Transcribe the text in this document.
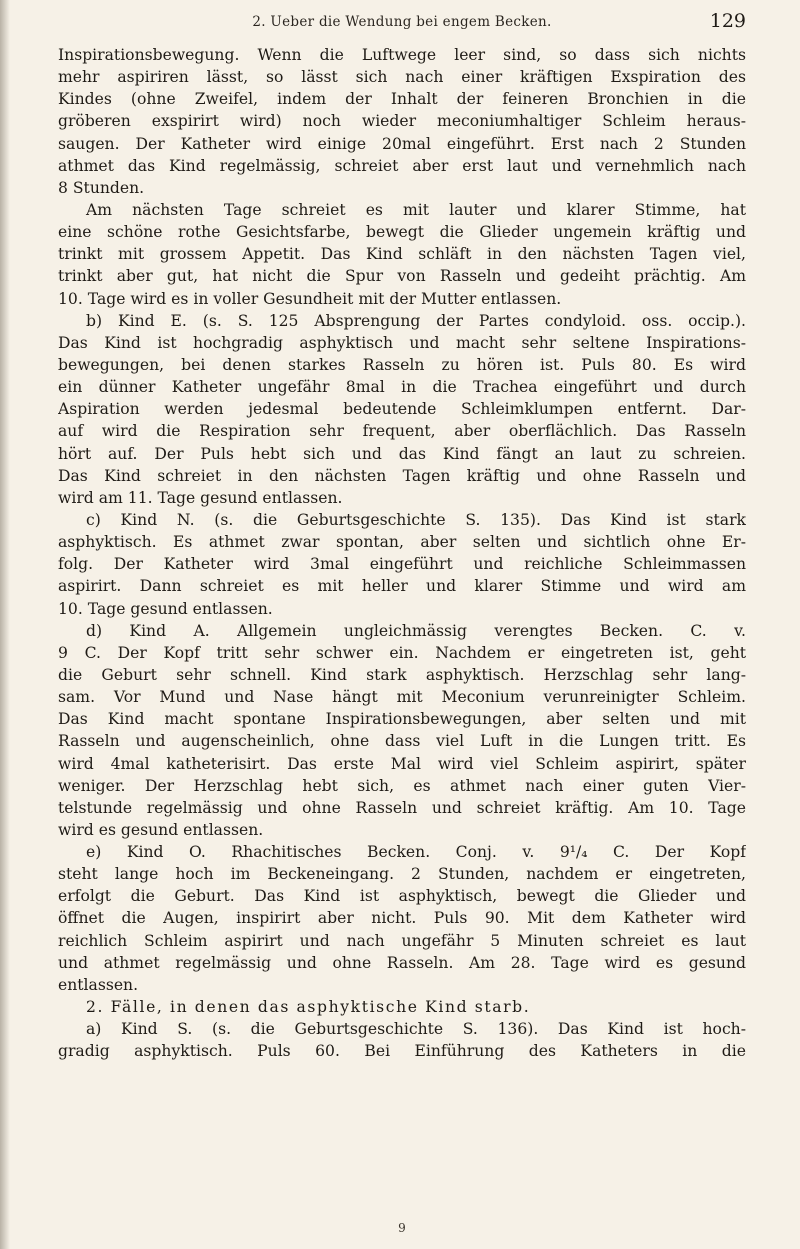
2. Ueber die Wendung bei engem Becken.	129
Inspirationsbewegung. Wenn die Luftwege leer sind, so dass sich nichts
mehr aspiriren lässt, so lässt sich nach einer kräftigen Exspiration des
Kindes (ohne Zweifel, indem der Inhalt der feineren Bronchien in die
gröberen exspirirt wird) noch wieder meconiumhaltiger Schleim heraus-
saugen. Der Katheter wird einige 20mal eingeführt. Erst nach 2 Stunden
athmet das Kind regelmässig, schreiet aber erst laut und vernehmlich nach
8 Stunden.
Am nächsten Tage schreiet es mit lauter und klarer Stimme, hat
eine schöne rothe Gesichtsfarbe, bewegt die Glieder ungemein kräftig und
trinkt mit grossem Appetit. Das Kind schläft in den nächsten Tagen viel,
trinkt aber gut, hat nicht die Spur von Rasseln und gedeiht prächtig. Am
10. Tage wird es in voller Gesundheit mit der Mutter entlassen.
b) Kind E. (s. S. 125 Absprengung der Partes condyloid. oss. occip.).
Das Kind ist hochgradig asphyktisch und macht sehr seltene Inspirations-
bewegungen, bei denen starkes Rasseln zu hören ist. Puls 80. Es wird
ein dünner Katheter ungefähr 8mal in die Trachea eingeführt und durch
Aspiration werden jedesmal bedeutende Schleimklumpen entfernt. Dar-
auf wird die Respiration sehr frequent, aber oberflächlich. Das Rasseln
hört auf. Der Puls hebt sich und das Kind fängt an laut zu schreien.
Das Kind schreiet in den nächsten Tagen kräftig und ohne Rasseln und
wird am 11. Tage gesund entlassen.
c) Kind N. (s. die Geburtsgeschichte S. 135). Das Kind ist stark
asphyktisch. Es athmet zwar spontan, aber selten und sichtlich ohne Er-
folg. Der Katheter wird 3mal eingeführt und reichliche Schleimmassen
aspirirt. Dann schreiet es mit heller und klarer Stimme und wird am
10. Tage gesund entlassen.
d) Kind A. Allgemein ungleichmässig verengtes Becken. C. v.
9 C. Der Kopf tritt sehr schwer ein. Nachdem er eingetreten ist, geht
die Geburt sehr schnell. Kind stark asphyktisch. Herzschlag sehr lang-
sam. Vor Mund und Nase hängt mit Meconium verunreinigter Schleim.
Das Kind macht spontane Inspirationsbewegungen, aber selten und mit
Rasseln und augenscheinlich, ohne dass viel Luft in die Lungen tritt. Es
wird 4mal katheterisirt. Das erste Mal wird viel Schleim aspirirt, später
weniger. Der Herzschlag hebt sich, es athmet nach einer guten Vier-
telstunde regelmässig und ohne Rasseln und schreiet kräftig. Am 10. Tage
wird es gesund entlassen.
e) Kind O. Rhachitisches Becken. Conj. v. 9¹/₄ C. Der Kopf
steht lange hoch im Beckeneingang. 2 Stunden, nachdem er eingetreten,
erfolgt die Geburt. Das Kind ist asphyktisch, bewegt die Glieder und
öffnet die Augen, inspirirt aber nicht. Puls 90. Mit dem Katheter wird
reichlich Schleim aspirirt und nach ungefähr 5 Minuten schreiet es laut
und athmet regelmässig und ohne Rasseln. Am 28. Tage wird es gesund
entlassen.
2. Fälle, in denen das asphyktische Kind starb.
a) Kind S. (s. die Geburtsgeschichte S. 136). Das Kind ist hoch-
gradig asphyktisch. Puls 60. Bei Einführung des Katheters in die
9
